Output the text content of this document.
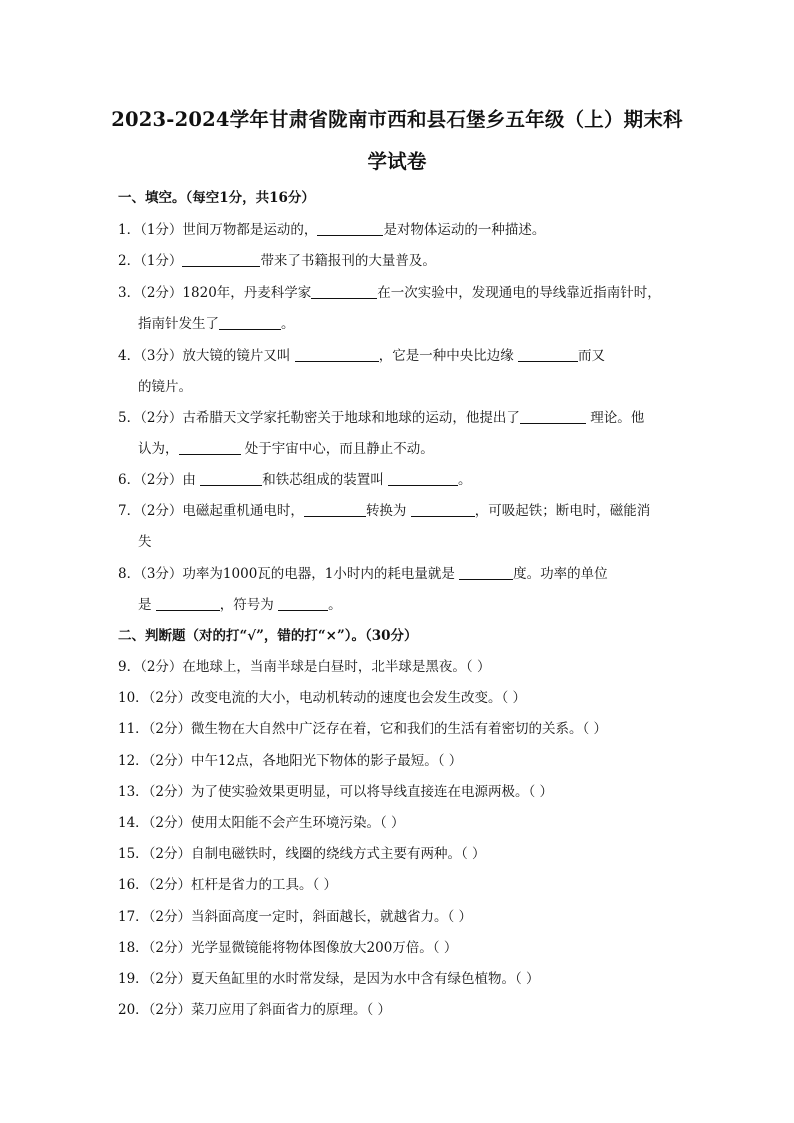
2023-2024学年甘肃省陇南市西和县石堡乡五年级（上）期末科
学试卷
一、填空。（每空1分，共16分）
1．（1分）世间万物都是运动的，	是对物体运动的一种描述。
2．（1分）	带来了书籍报刊的大量普及。
3．（2分）1820年，丹麦科学家	在一次实验中，发现通电的导线靠近指南针时，
指南针发生了	。
4．（3分）放大镜的镜片又叫	，它是一种中央比边缘	而又
的镜片。
5．（2分）古希腊天文学家托勒密关于地球和地球的运动，他提出了	理论。他
认为，	处于宇宙中心，而且静止不动。
6．（2分）由	和铁芯组成的装置叫	。
7．（2分）电磁起重机通电时，	转换为	，可吸起铁；断电时，磁能消
失
8．（3分）功率为1000瓦的电器，1小时内的耗电量就是	度。功率的单位
是	，符号为	。
二、判断题（对的打“√”，错的打“×”）。（30分）
9．（2分）在地球上，当南半球是白昼时，北半球是黑夜。（ ）
10．（2分）改变电流的大小，电动机转动的速度也会发生改变。（ ）
11．（2分）微生物在大自然中广泛存在着，它和我们的生活有着密切的关系。（ ）
12．（2分）中午12点，各地阳光下物体的影子最短。（ ）
13．（2分）为了使实验效果更明显，可以将导线直接连在电源两极。（ ）
14．（2分）使用太阳能不会产生环境污染。（ ）
15．（2分）自制电磁铁时，线圈的绕线方式主要有两种。（ ）
16．（2分）杠杆是省力的工具。（ ）
17．（2分）当斜面高度一定时，斜面越长，就越省力。（ ）
18．（2分）光学显微镜能将物体图像放大200万倍。（ ）
19．（2分）夏天鱼缸里的水时常发绿，是因为水中含有绿色植物。（ ）
20．（2分）菜刀应用了斜面省力的原理。（ ）
